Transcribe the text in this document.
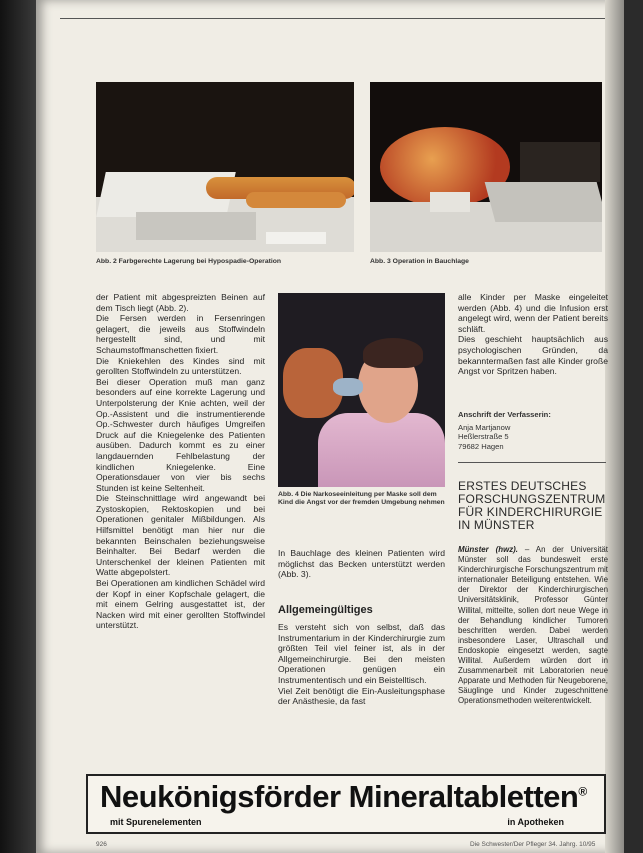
Abb. 2 Farbgerechte Lagerung bei Hypospadie-Operation	Abb. 3 Operation in Bauchlage
Abb. 4 Die Narkoseeinleitung per Maske soll dem Kind die Angst vor der fremden Umgebung nehmen

der Patient mit abgespreizten Beinen auf dem Tisch liegt (Abb. 2).

Die Fersen werden in Fersenringen gelagert, die jeweils aus Stoffwindeln hergestellt sind, und mit Schaumstoffmanschetten fixiert.

Die Kniekehlen des Kindes sind mit gerollten Stoffwindeln zu unterstützen.

Bei dieser Operation muß man ganz besonders auf eine korrekte Lagerung und Unterpolsterung der Knie achten, weil der Op.-Assistent und die instrumentierende Op.-Schwester durch häufiges Umgreifen Druck auf die Kniegelenke des Patienten ausüben. Dadurch kommt es zu einer langdauernden Fehlbelastung der kindlichen Kniegelenke. Eine Operationsdauer von vier bis sechs Stunden ist keine Seltenheit.

Die Steinschnittlage wird angewandt bei Zystoskopien, Rektoskopien und bei Operationen genitaler Mißbildungen. Als Hilfsmittel benötigt man hier nur die bekannten Beinschalen beziehungsweise Beinhalter. Bei Bedarf werden die Unterschenkel der kleinen Patienten mit Watte abgepolstert.

Bei Operationen am kindlichen Schädel wird der Kopf in einer Kopfschale gelagert, die mit einem Gelring ausgestattet ist, der Nacken wird mit einer gerollten Stoffwindel unterstützt.

In Bauchlage des kleinen Patienten wird möglichst das Becken unterstützt werden (Abb. 3).
Allgemeingültiges

Es versteht sich von selbst, daß das Instrumentarium in der Kinderchirurgie zum größten Teil viel feiner ist, als in der Allgemeinchirurgie. Bei den meisten Operationen genügen ein Instrumententisch und ein Beistelltisch.

Viel Zeit benötigt die Ein-Ausleitungsphase der Anästhesie, da fast

alle Kinder per Maske eingeleitet werden (Abb. 4) und die Infusion erst angelegt wird, wenn der Patient bereits schläft.

Dies geschieht hauptsächlich aus psychologischen Gründen, da bekanntermaßen fast alle Kinder große Angst vor Spritzen haben.

Anschrift der Verfasserin:
Anja Martjanow
Heßlerstraße 5
79682 Hagen
ERSTES DEUTSCHES
FORSCHUNGSZENTRUM
FÜR KINDERCHIRURGIE
IN MÜNSTER
Münster (hwz). – An der Universität Münster soll das bundesweit erste Kinderchirurgische Forschungszentrum mit internationaler Beteiligung entstehen. Wie der Direktor der Kinderchirurgischen Universitätsklinik, Professor Günter Willital, mitteilte, sollen dort neue Wege in der Behandlung kindlicher Tumoren beschritten werden. Dabei werden insbesondere Laser, Ultraschall und Endoskopie eingesetzt werden, sagte Willital. Außerdem würden dort in Zusammenarbeit mit Laboratorien neue Apparate und Methoden für Neugeborene, Säuglinge und Kinder zugeschnittene Operationsmethoden weiterentwickelt.
Neukönigsförder Mineraltabletten®
mit Spurenelementen	in Apotheken
926	Die Schwester/Der Pfleger 34. Jahrg. 10/95
